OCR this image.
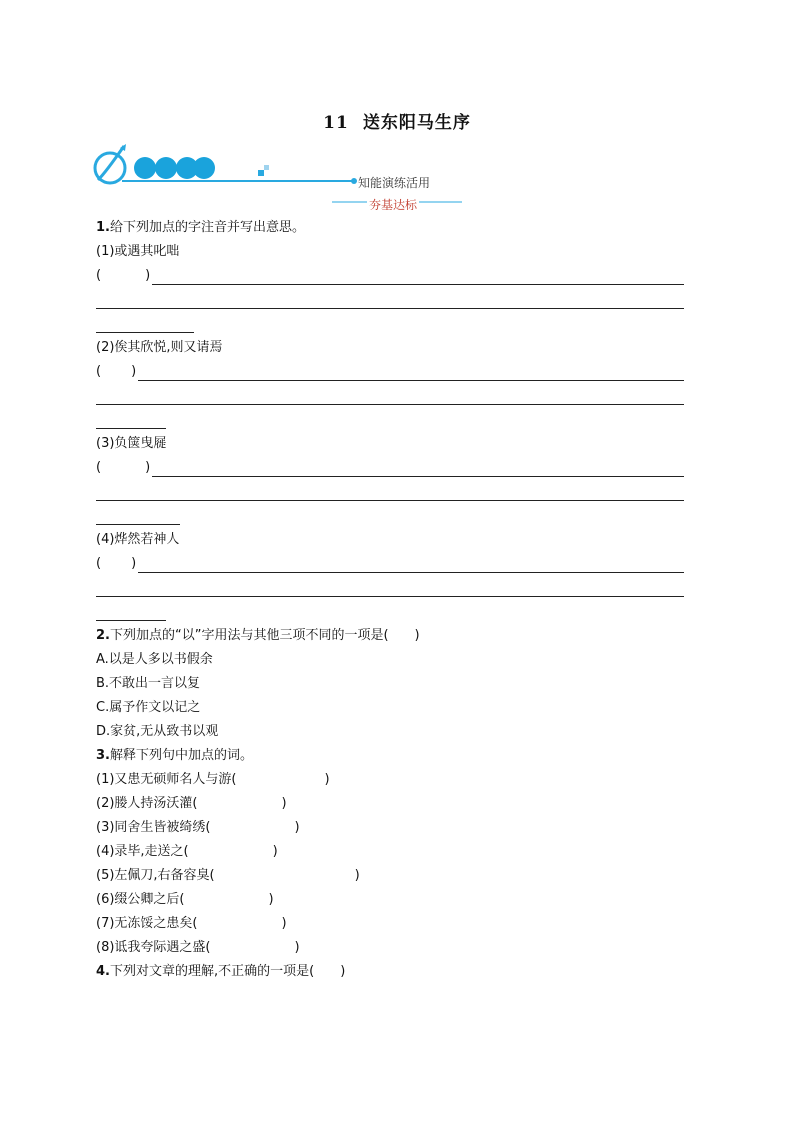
11 送东阳马生序
知能演练活用
夯基达标
1.给下列加点的字注音并写出意思。
(1)或遇其叱咄
(	)
(2)俟其欣悦,则又请焉
( )
(3)负箧曳屣
(	)
(4)烨然若神人
( )
2.下列加点的“以”字用法与其他三项不同的一项是(　　)
A.以是人多以书假余
B.不敢出一言以复
C.属予作文以记之
D.家贫,无从致书以观
3.解释下列句中加点的词。
(1)又患无硕师名人与游(	)
(2)媵人持汤沃灌(	)
(3)同舍生皆被绮绣(	)
(4)录毕,走送之(	)
(5)左佩刀,右备容臭(	)
(6)缀公卿之后(	)
(7)无冻馁之患矣(	)
(8)诋我夸际遇之盛(	)
4.下列对文章的理解,不正确的一项是(　　)
